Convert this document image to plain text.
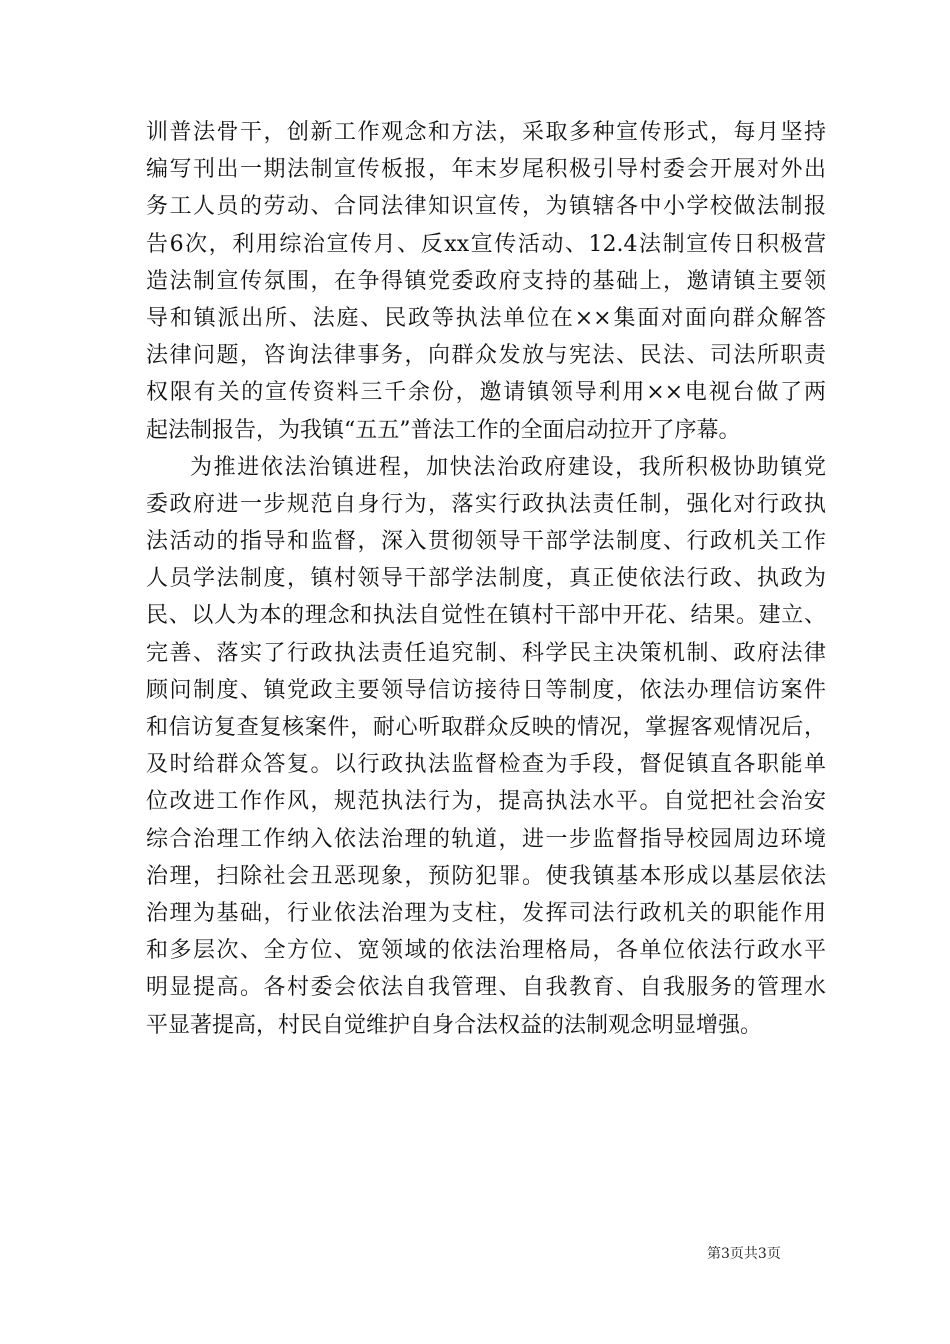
训普法骨干，创新工作观念和方法，采取多种宣传形式，每月坚持
编写刊出一期法制宣传板报，年末岁尾积极引导村委会开展对外出
务工人员的劳动、合同法律知识宣传，为镇辖各中小学校做法制报
告6次，利用综治宣传月、反xx宣传活动、12.4法制宣传日积极营
造法制宣传氛围，在争得镇党委政府支持的基础上，邀请镇主要领
导和镇派出所、法庭、民政等执法单位在××集面对面向群众解答
法律问题，咨询法律事务，向群众发放与宪法、民法、司法所职责
权限有关的宣传资料三千余份，邀请镇领导利用××电视台做了两
起法制报告，为我镇“五五”普法工作的全面启动拉开了序幕。
为推进依法治镇进程，加快法治政府建设，我所积极协助镇党
委政府进一步规范自身行为，落实行政执法责任制，强化对行政执
法活动的指导和监督，深入贯彻领导干部学法制度、行政机关工作
人员学法制度，镇村领导干部学法制度，真正使依法行政、执政为
民、以人为本的理念和执法自觉性在镇村干部中开花、结果。建立、
完善、落实了行政执法责任追究制、科学民主决策机制、政府法律
顾问制度、镇党政主要领导信访接待日等制度，依法办理信访案件
和信访复查复核案件，耐心听取群众反映的情况，掌握客观情况后，
及时给群众答复。以行政执法监督检查为手段，督促镇直各职能单
位改进工作作风，规范执法行为，提高执法水平。自觉把社会治安
综合治理工作纳入依法治理的轨道，进一步监督指导校园周边环境
治理，扫除社会丑恶现象，预防犯罪。使我镇基本形成以基层依法
治理为基础，行业依法治理为支柱，发挥司法行政机关的职能作用
和多层次、全方位、宽领域的依法治理格局，各单位依法行政水平
明显提高。各村委会依法自我管理、自我教育、自我服务的管理水
平显著提高，村民自觉维护自身合法权益的法制观念明显增强。
第3页共3页
